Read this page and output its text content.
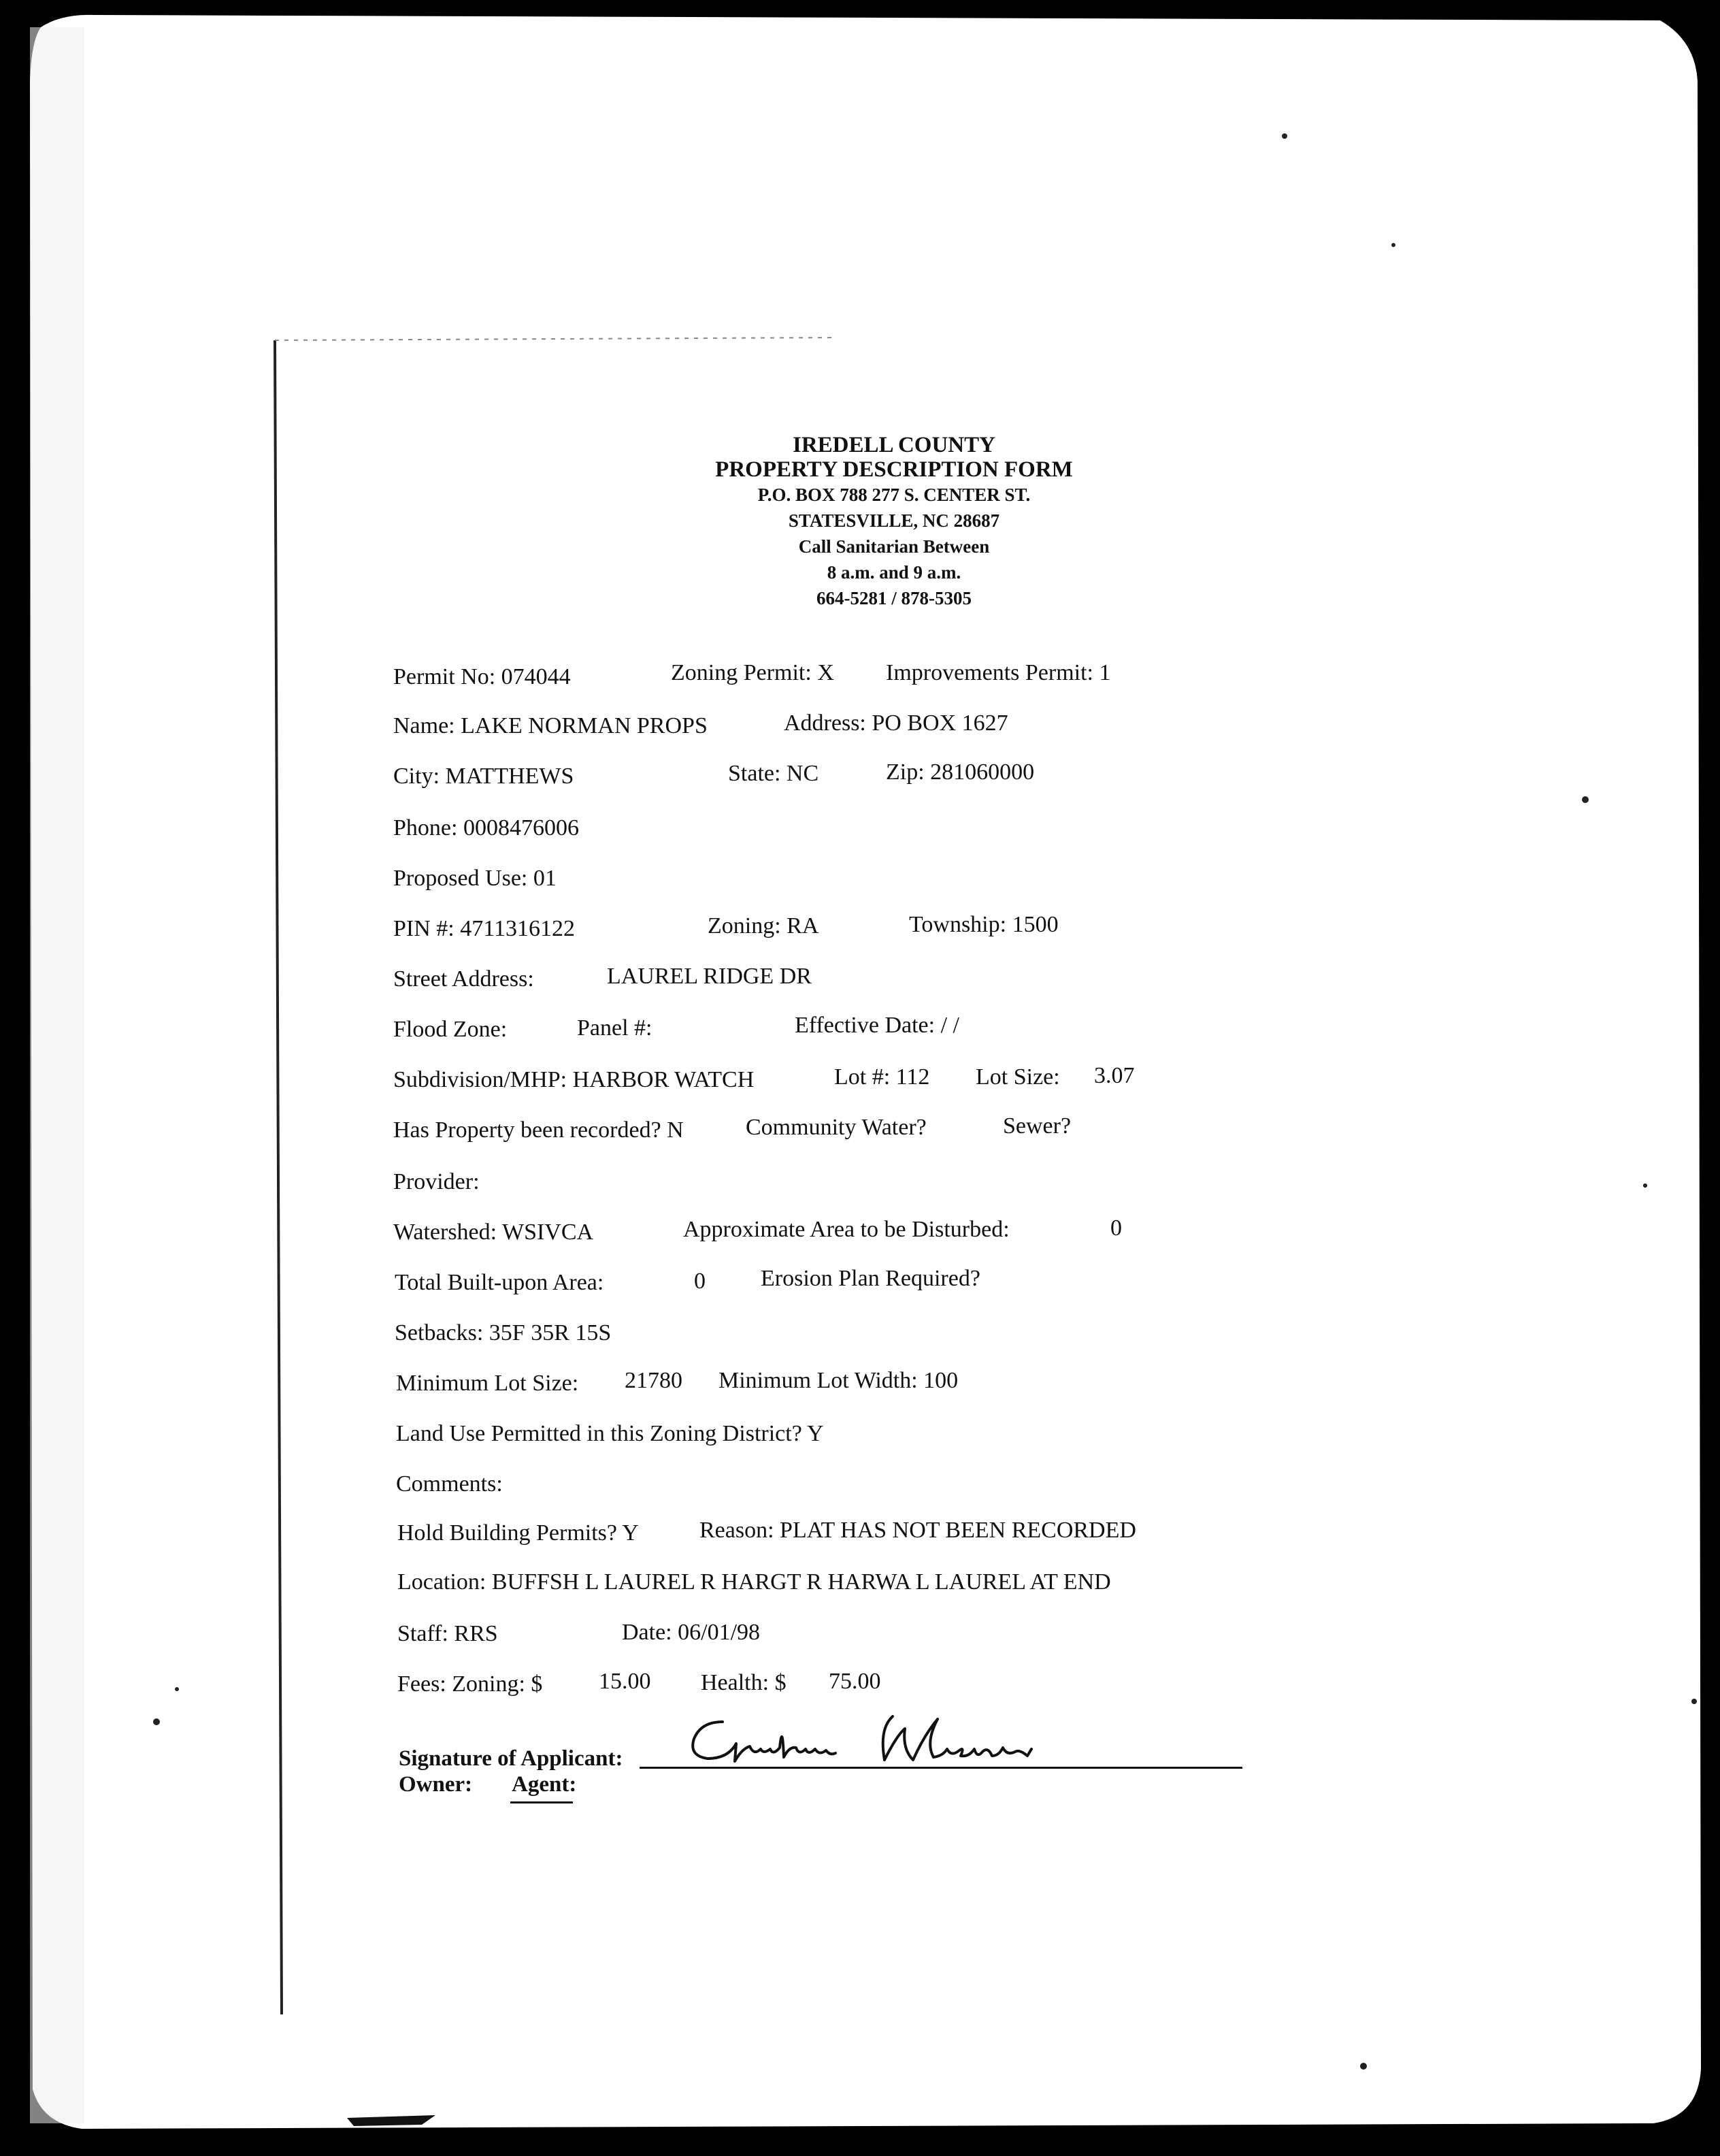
IREDELL COUNTY
PROPERTY DESCRIPTION FORM
P.O. BOX 788 277 S. CENTER ST.
STATESVILLE, NC 28687
Call Sanitarian Between
8 a.m. and 9 a.m.
664-5281 / 878-5305
Permit No: 074044	Zoning Permit: X Improvements Permit: 1
Name: LAKE NORMAN PROPS	Address: PO BOX 1627
City: MATTHEWS	State: NC	Zip: 281060000
Phone: 0008476006
Proposed Use: 01
PIN #: 4711316122	Zoning: RA	Township: 1500
Street Address:	LAUREL RIDGE DR
Flood Zone:	Panel #:	Effective Date: / /
Subdivision/MHP: HARBOR WATCH	Lot #: 112 Lot Size: 3.07
Has Property been recorded? N	Community Water?	Sewer?
Provider:
Watershed: WSIVCA	Approximate Area to be Disturbed:	0
Total Built-upon Area:	0 Erosion Plan Required?
Setbacks: 35F 35R 15S
Minimum Lot Size: 21780 Minimum Lot Width: 100
Land Use Permitted in this Zoning District? Y
Comments:
Hold Building Permits? Y	Reason: PLAT HAS NOT BEEN RECORDED
Location: BUFFSH L LAUREL R HARGT R HARWA L LAUREL AT END
Staff: RRS	Date: 06/01/98
Fees: Zoning: $ 15.00 Health: $ 75.00
Signature of Applicant:
Owner: Agent:
